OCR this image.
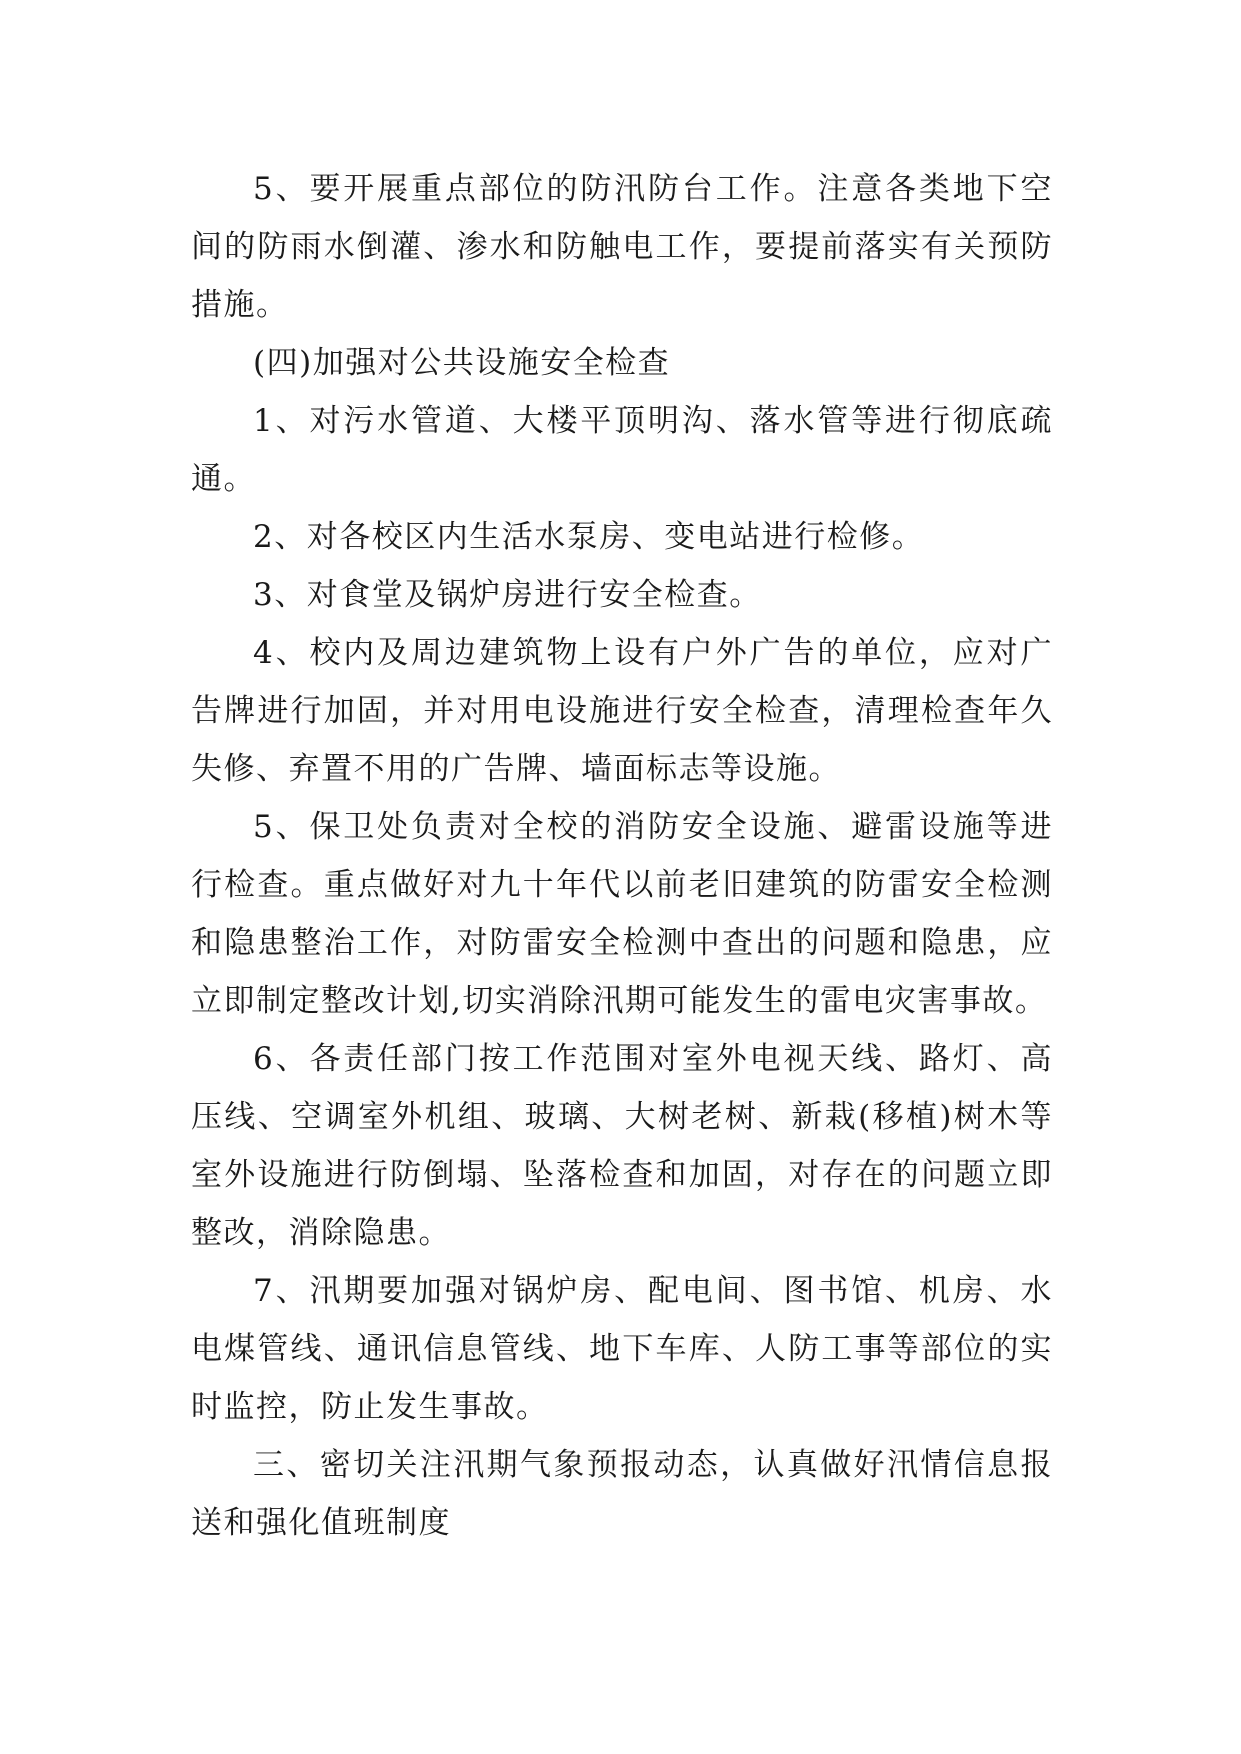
5、要开展重点部位的防汛防台工作。注意各类地下空间的防雨水倒灌、渗水和防触电工作，要提前落实有关预防措施。

(四)加强对公共设施安全检查

1、对污水管道、大楼平顶明沟、落水管等进行彻底疏通。

2、对各校区内生活水泵房、变电站进行检修。

3、对食堂及锅炉房进行安全检查。

4、校内及周边建筑物上设有户外广告的单位，应对广告牌进行加固，并对用电设施进行安全检查，清理检查年久失修、弃置不用的广告牌、墙面标志等设施。

5、保卫处负责对全校的消防安全设施、避雷设施等进行检查。重点做好对九十年代以前老旧建筑的防雷安全检测和隐患整治工作，对防雷安全检测中查出的问题和隐患，应立即制定整改计划,切实消除汛期可能发生的雷电灾害事故。

6、各责任部门按工作范围对室外电视天线、路灯、高压线、空调室外机组、玻璃、大树老树、新栽(移植)树木等室外设施进行防倒塌、坠落检查和加固，对存在的问题立即整改，消除隐患。

7、汛期要加强对锅炉房、配电间、图书馆、机房、水电煤管线、通讯信息管线、地下车库、人防工事等部位的实时监控，防止发生事故。

三、密切关注汛期气象预报动态，认真做好汛情信息报送和强化值班制度
